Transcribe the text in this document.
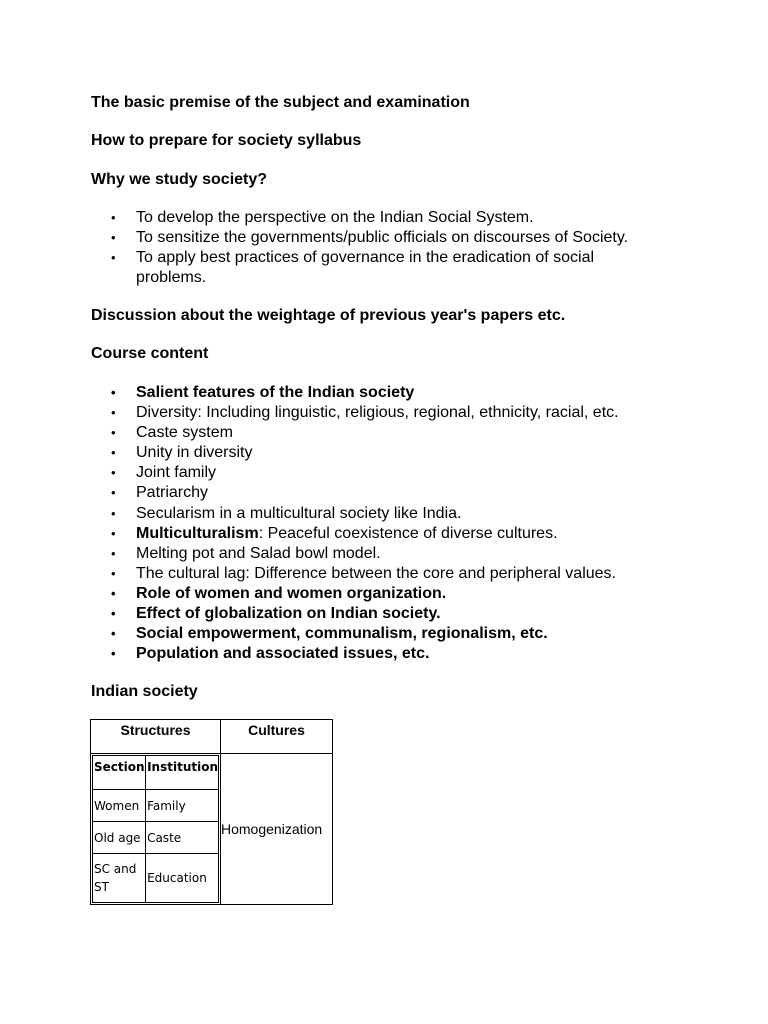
The basic premise of the subject and examination

How to prepare for society syllabus

Why we study society?

• To develop the perspective on the Indian Social System.
• To sensitize the governments/public officials on discourses of Society.
• To apply best practices of governance in the eradication of social problems.

Discussion about the weightage of previous year's papers etc.

Course content

• Salient features of the Indian society
• Diversity: Including linguistic, religious, regional, ethnicity, racial, etc.
• Caste system
• Unity in diversity
• Joint family
• Patriarchy
• Secularism in a multicultural society like India.
• Multiculturalism: Peaceful coexistence of diverse cultures.
• Melting pot and Salad bowl model.
• The cultural lag: Difference between the core and peripheral values.
• Role of women and women organization.
• Effect of globalization on Indian society.
• Social empowerment, communalism, regionalism, etc.
• Population and associated issues, etc.

Indian society

Structures	Cultures

Section	Institution
Women	Family
Old age	Caste
SC and ST	Education
	Homogenization
